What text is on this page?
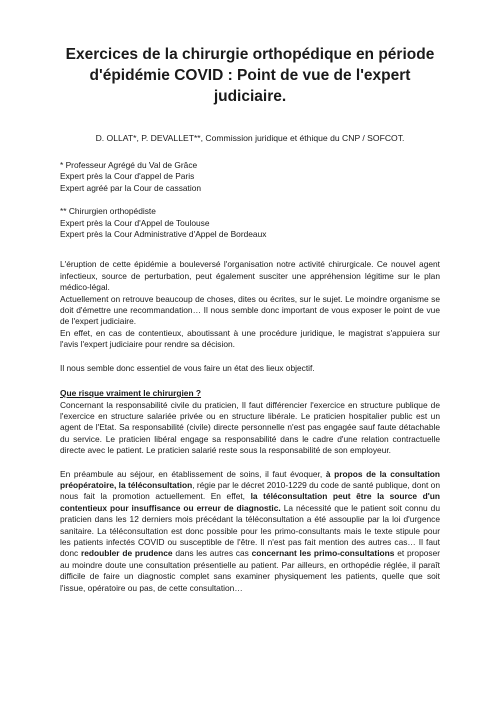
Exercices de la chirurgie orthopédique en période
d'épidémie COVID : Point de vue de l'expert judiciaire.
D. OLLAT*, P. DEVALLET**, Commission juridique et éthique du CNP / SOFCOT.
* Professeur Agrégé du Val de Grâce
Expert près la Cour d'appel de Paris
Expert agréé par la Cour de cassation
** Chirurgien orthopédiste
Expert près la Cour d'Appel de Toulouse
Expert près la Cour Administrative d'Appel de Bordeaux
L'éruption de cette épidémie a bouleversé l'organisation notre activité chirurgicale. Ce nouvel agent infectieux, source de perturbation, peut également susciter une appréhension légitime sur le plan médico-légal.
Actuellement on retrouve beaucoup de choses, dites ou écrites, sur le sujet. Le moindre organisme se doit d'émettre une recommandation… Il nous semble donc important de vous exposer le point de vue de l'expert judiciaire.
En effet, en cas de contentieux, aboutissant à une procédure juridique, le magistrat s'appuiera sur l'avis l'expert judiciaire pour rendre sa décision.
Il nous semble donc essentiel de vous faire un état des lieux objectif.
Que risque vraiment le chirurgien ?
Concernant la responsabilité civile du praticien, Il faut différencier l'exercice en structure publique de l'exercice en structure salariée privée ou en structure libérale. Le praticien hospitalier public est un agent de l'Etat. Sa responsabilité (civile) directe personnelle n'est pas engagée sauf faute détachable du service. Le praticien libéral engage sa responsabilité dans le cadre d'une relation contractuelle directe avec le patient. Le praticien salarié reste sous la responsabilité de son employeur.
En préambule au séjour, en établissement de soins, il faut évoquer, à propos de la consultation préopératoire, la téléconsultation, régie par le décret 2010-1229 du code de santé publique, dont on nous fait la promotion actuellement. En effet, la téléconsultation peut être la source d'un contentieux pour insuffisance ou erreur de diagnostic. La nécessité que le patient soit connu du praticien dans les 12 derniers mois précédant la téléconsultation a été assouplie par la loi d'urgence sanitaire. La téléconsultation est donc possible pour les primo-consultants mais le texte stipule pour les patients infectés COVID ou susceptible de l'être. Il n'est pas fait mention des autres cas… Il faut donc redoubler de prudence dans les autres cas concernant les primo-consultations et proposer au moindre doute une consultation présentielle au patient. Par ailleurs, en orthopédie réglée, il paraît difficile de faire un diagnostic complet sans examiner physiquement les patients, quelle que soit l'issue, opératoire ou pas, de cette consultation…
